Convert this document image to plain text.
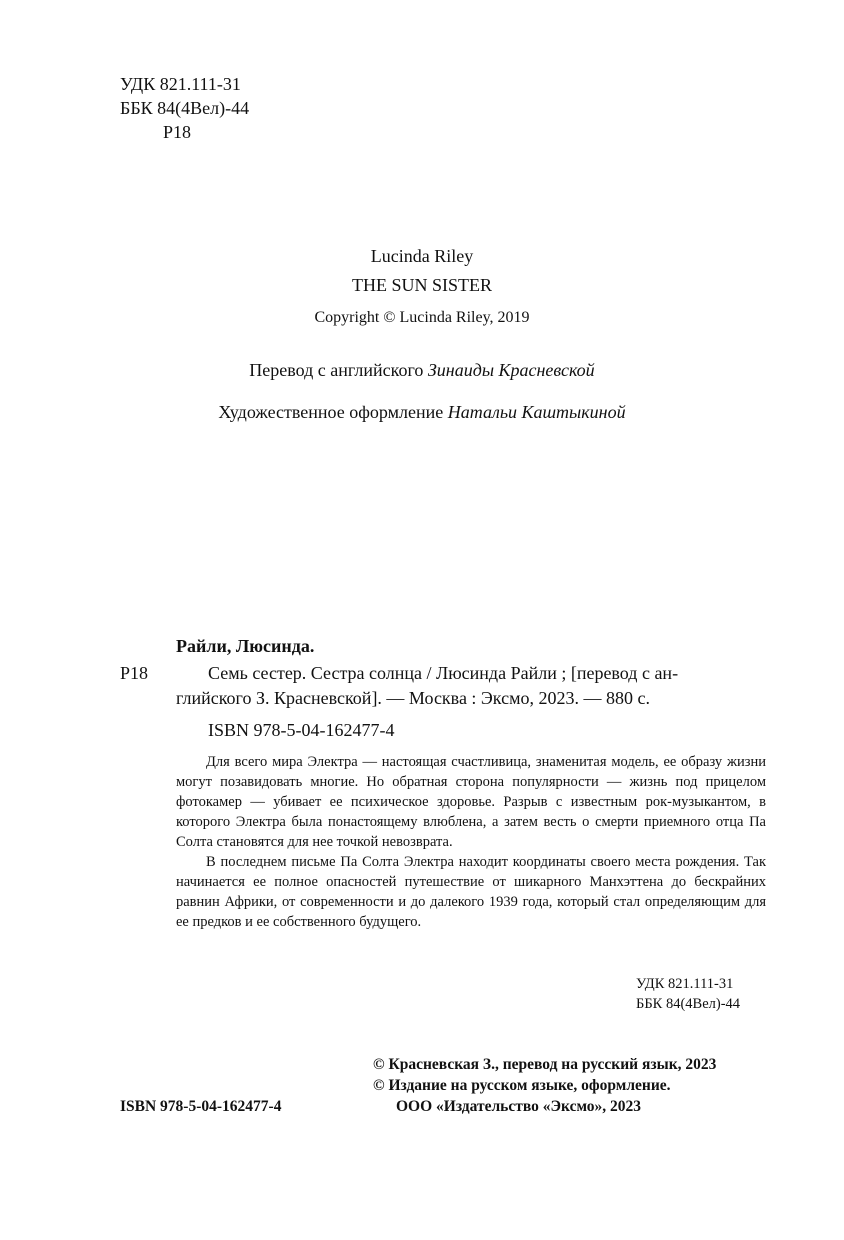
УДК 821.111-31
ББК 84(4Вел)-44
Р18
Lucinda Riley
THE SUN SISTER
Copyright © Lucinda Riley, 2019
Перевод с английского Зинаиды Красневской
Художественное оформление Натальи Каштыкиной
Райли, Люсинда.
Р18	Семь сестер. Сестра солнца / Люсинда Райли ; [перевод с ан-
глийского З. Красневской]. — Москва : Эксмо, 2023. — 880 с.
ISBN 978-5-04-162477-4

Для всего мира Электра — настоящая счастливица, знаменитая модель, ее образу жизни могут позавидовать многие. Но обратная сторона популярности — жизнь под прицелом фотокамер — убивает ее психическое здоровье. Разрыв с известным рок-музыкантом, в которого Электра была понастоящему влюблена, а затем весть о смерти приемного отца Па Солта становятся для нее точкой невозврата.

В последнем письме Па Солта Электра находит координаты своего места рождения. Так начинается ее полное опасностей путешествие от шикарного Манхэттена до бескрайних равнин Африки, от современности и до далекого 1939 года, который стал определяющим для ее предков и ее собственного будущего.

УДК 821.111-31
ББК 84(4Вел)-44
© Красневская З., перевод на русский язык, 2023
© Издание на русском языке, оформление.
ISBN 978-5-04-162477-4	ООО «Издательство «Эксмо», 2023
